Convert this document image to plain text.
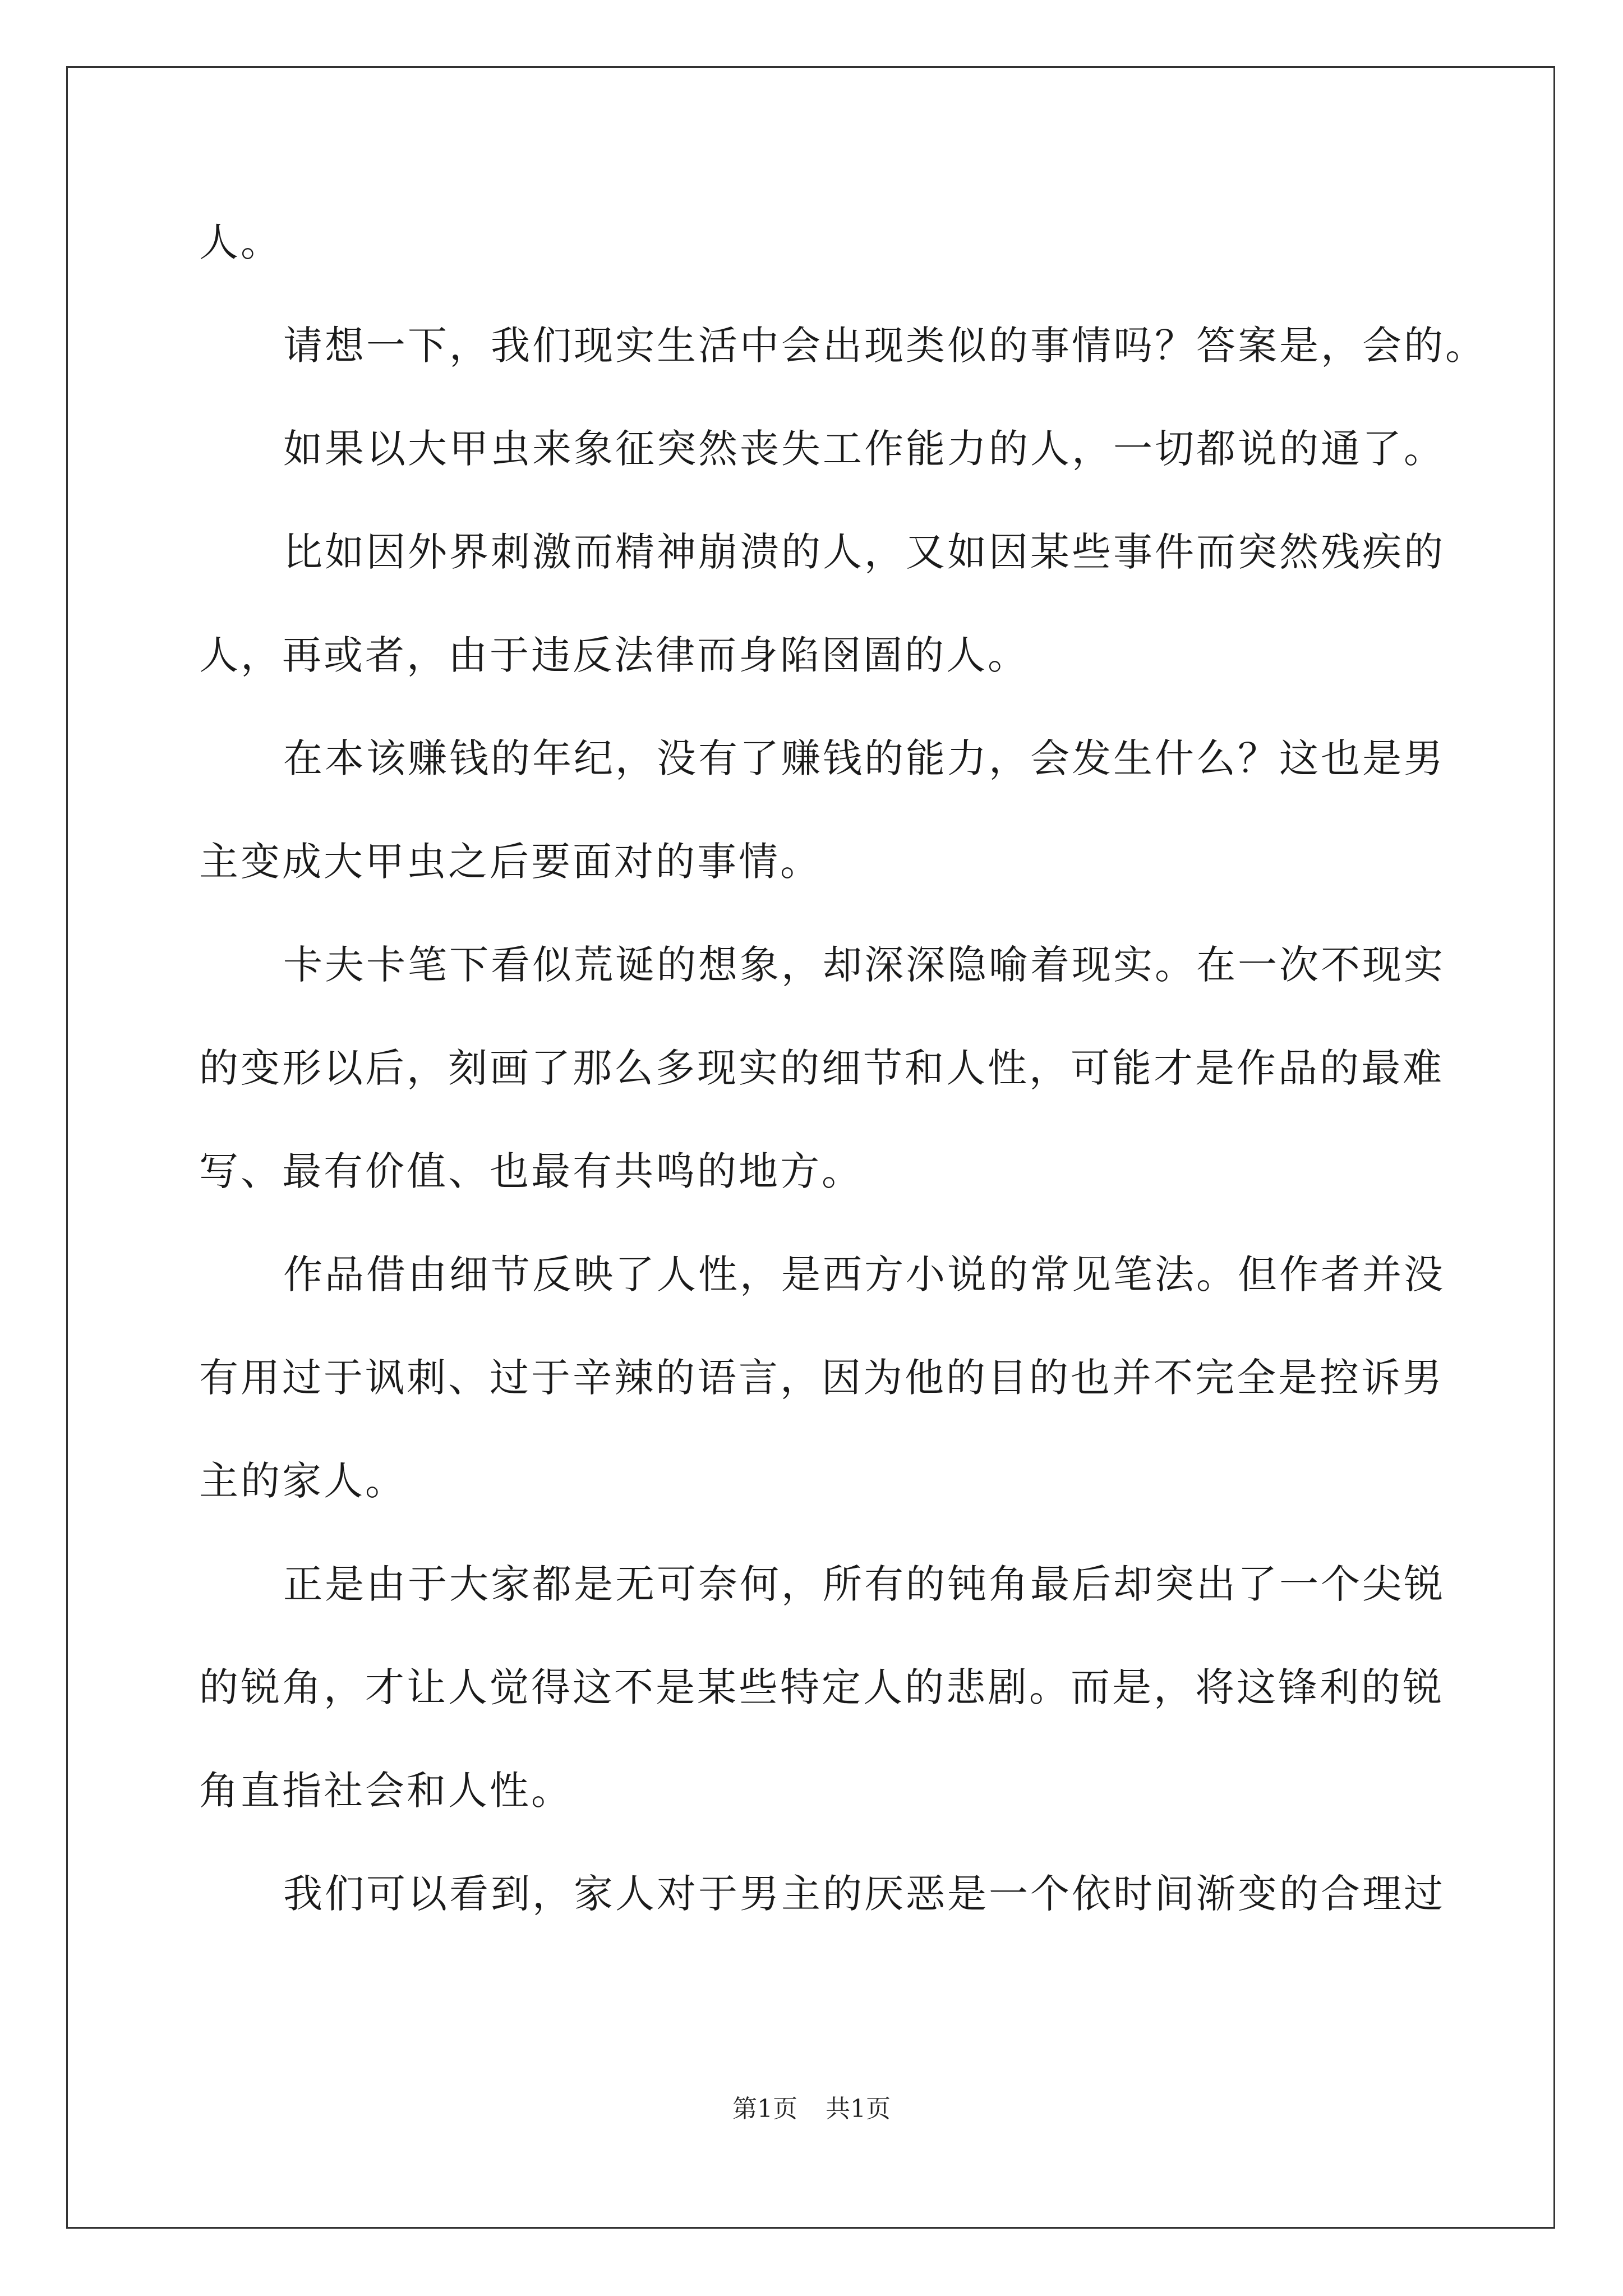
人。

请想一下，我们现实生活中会出现类似的事情吗？答案是，会的。

如果以大甲虫来象征突然丧失工作能力的人，一切都说的通了。

比如因外界刺激而精神崩溃的人，又如因某些事件而突然残疾的

人，再或者，由于违反法律而身陷囹圄的人。

在本该赚钱的年纪，没有了赚钱的能力，会发生什么？这也是男

主变成大甲虫之后要面对的事情。

卡夫卡笔下看似荒诞的想象，却深深隐喻着现实。在一次不现实

的变形以后，刻画了那么多现实的细节和人性，可能才是作品的最难

写、最有价值、也最有共鸣的地方。

作品借由细节反映了人性，是西方小说的常见笔法。但作者并没

有用过于讽刺、过于辛辣的语言，因为他的目的也并不完全是控诉男

主的家人。

正是由于大家都是无可奈何，所有的钝角最后却突出了一个尖锐

的锐角，才让人觉得这不是某些特定人的悲剧。而是，将这锋利的锐

角直指社会和人性。

我们可以看到，家人对于男主的厌恶是一个依时间渐变的合理过

第1页 共1页
